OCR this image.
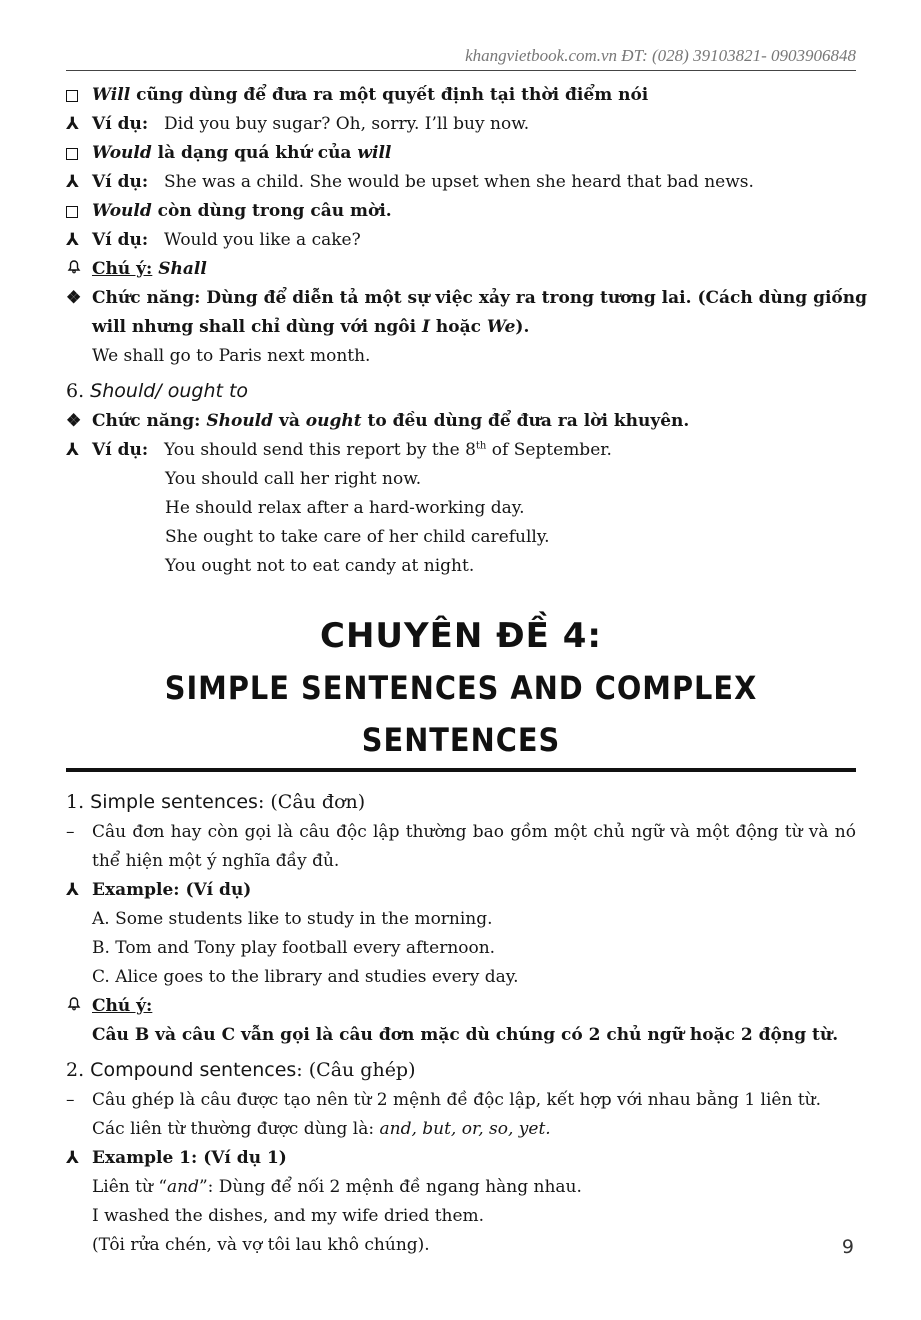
khangvietbook.com.vn ĐT: (028) 39103821- 0903906848
Will cũng dùng để đưa ra một quyết định tại thời điểm nói
⅄ Ví dụ: Did you buy sugar? Oh, sorry. I’ll buy now.
Would là dạng quá khứ của will
⅄ Ví dụ: She was a child. She would be upset when she heard that bad news.
Would còn dùng trong câu mời.
⅄ Ví dụ: Would you like a cake?
Chú ý: Shall
❖ Chức năng: Dùng để diễn tả một sự việc xảy ra trong tương lai. (Cách dùng giống
will nhưng shall chỉ dùng với ngôi I hoặc We).
We shall go to Paris next month.
6. Should/ ought to
❖ Chức năng: Should và ought to đều dùng để đưa ra lời khuyên.
⅄ Ví dụ: You should send this report by the 8th of September.
You should call her right now.
He should relax after a hard-working day.
She ought to take care of her child carefully.
You ought not to eat candy at night.
CHUYÊN ĐỀ 4:
SIMPLE SENTENCES AND COMPLEX SENTENCES
1. Simple sentences: (Câu đơn)
–	Câu đơn hay còn gọi là câu độc lập thường bao gồm một chủ ngữ và một động từ và nó thể hiện một ý nghĩa đầy đủ.
⅄ Example: (Ví dụ)
A. Some students like to study in the morning.
B. Tom and Tony play football every afternoon.
C. Alice goes to the library and studies every day.
Chú ý:
Câu B và câu C vẫn gọi là câu đơn mặc dù chúng có 2 chủ ngữ hoặc 2 động từ.
2. Compound sentences: (Câu ghép)
–	Câu ghép là câu được tạo nên từ 2 mệnh đề độc lập, kết hợp với nhau bằng 1 liên từ.
Các liên từ thường được dùng là: and, but, or, so, yet.
⅄ Example 1: (Ví dụ 1)
Liên từ “and”: Dùng để nối 2 mệnh đề ngang hàng nhau.
I washed the dishes, and my wife dried them.
(Tôi rửa chén, và vợ tôi lau khô chúng).	9
